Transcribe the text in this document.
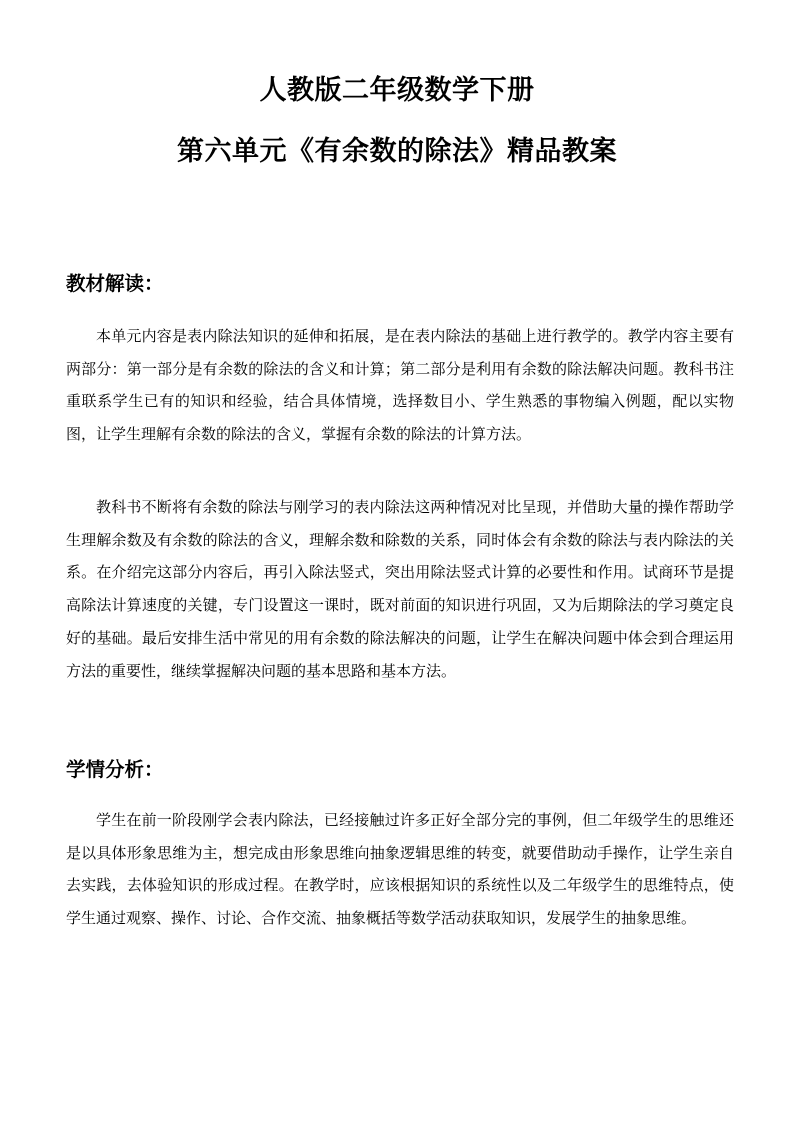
人教版二年级数学下册
第六单元《有余数的除法》精品教案
教材解读：

本单元内容是表内除法知识的延伸和拓展，是在表内除法的基础上进行教学的。教学内容主要有两部分：第一部分是有余数的除法的含义和计算；第二部分是利用有余数的除法解决问题。教科书注重联系学生已有的知识和经验，结合具体情境，选择数目小、学生熟悉的事物编入例题，配以实物图，让学生理解有余数的除法的含义，掌握有余数的除法的计算方法。

教科书不断将有余数的除法与刚学习的表内除法这两种情况对比呈现，并借助大量的操作帮助学生理解余数及有余数的除法的含义，理解余数和除数的关系，同时体会有余数的除法与表内除法的关系。在介绍完这部分内容后，再引入除法竖式，突出用除法竖式计算的必要性和作用。试商环节是提高除法计算速度的关键，专门设置这一课时，既对前面的知识进行巩固，又为后期除法的学习奠定良好的基础。最后安排生活中常见的用有余数的除法解决的问题，让学生在解决问题中体会到合理运用方法的重要性，继续掌握解决问题的基本思路和基本方法。

学情分析：

学生在前一阶段刚学会表内除法，已经接触过许多正好全部分完的事例，但二年级学生的思维还是以具体形象思维为主，想完成由形象思维向抽象逻辑思维的转变，就要借助动手操作，让学生亲自去实践，去体验知识的形成过程。在教学时，应该根据知识的系统性以及二年级学生的思维特点，使学生通过观察、操作、讨论、合作交流、抽象概括等数学活动获取知识，发展学生的抽象思维。
